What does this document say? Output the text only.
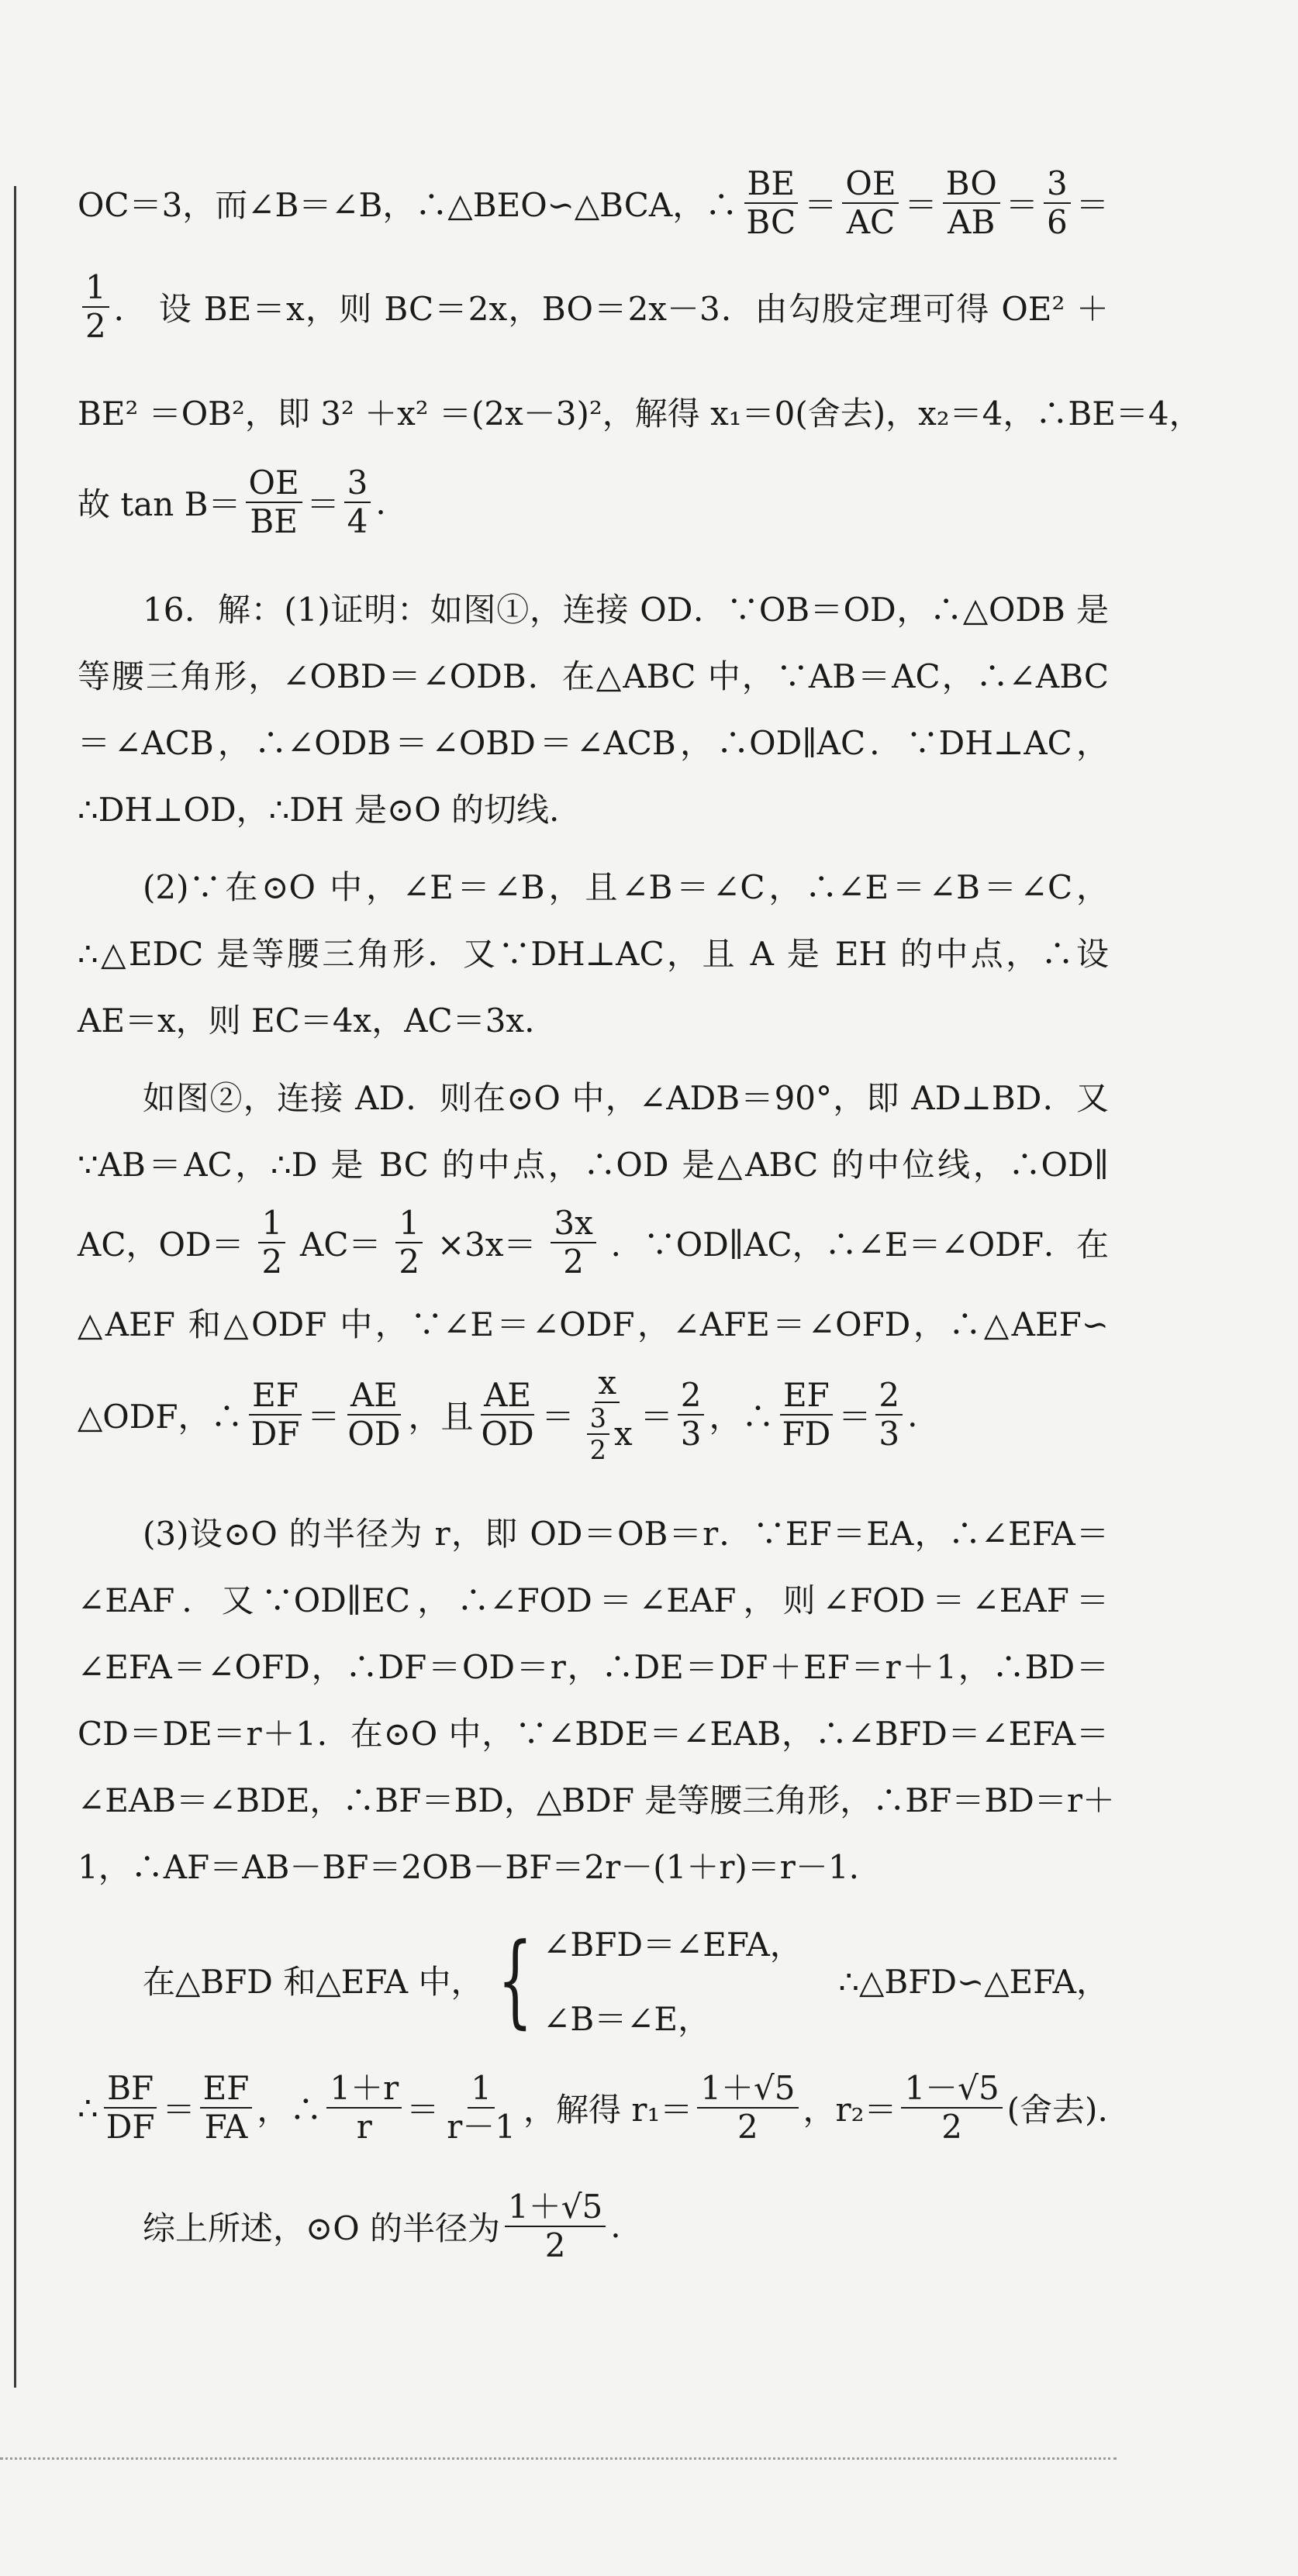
OC＝3，而∠B＝∠B，∴△BEO∽△BCA，∴ $\frac{BE}{BC} = \frac{OE}{AC} = \frac{BO}{AB} = \frac{3}{6}$ ＝
$\frac{1}{2}$ ． 设 BE＝x，则 BC＝2x，BO＝2x－3．由勾股定理可得 OE² ＋
BE² ＝OB²，即 3² ＋x² ＝(2x－3)²，解得 x₁＝0(舍去)，x₂＝4，∴BE＝4，
故 $\tan B= \frac{OE}{BE} = \frac{3}{4}$ .
16．解：(1)证明：如图①，连接 OD．∵OB＝OD，∴△ODB 是
等腰三角形，∠OBD＝∠ODB．在△ABC 中，∵AB＝AC，∴∠ABC
＝∠ACB，∴∠ODB＝∠OBD＝∠ACB，∴OD∥AC．∵DH⊥AC，
∴DH⊥OD，∴DH 是⊙O 的切线.
(2)∵在⊙O 中，∠E＝∠B，且∠B＝∠C，∴∠E＝∠B＝∠C，
∴△EDC 是等腰三角形．又∵DH⊥AC，且 A 是 EH 的中点，∴设
AE＝x，则 EC＝4x，AC＝3x.
如图②，连接 AD．则在⊙O 中，∠ADB＝90°，即 AD⊥BD．又
∵AB＝AC，∴D 是 BC 的中点，∴OD 是△ABC 的中位线，∴OD∥
AC，$OD= \frac{1}{2} AC= \frac{1}{2} \times 3x= \frac{3x}{2}$ ．∵OD∥AC，∴∠E＝∠ODF．在
△AEF 和△ODF 中，∵∠E＝∠ODF，∠AFE＝∠OFD，∴△AEF∽
△ODF，∴ $\frac{EF}{DF} = \frac{AE}{OD}$ ，且 $\frac{AE}{OD} = \frac{x}{\frac{3}{2} x} = \frac{2}{3}$ ，∴ $\frac{EF}{FD} = \frac{2}{3}$ .
(3)设⊙O 的半径为 r，即 OD＝OB＝r．∵EF＝EA，∴∠EFA＝
∠EAF．又∵OD∥EC，∴∠FOD＝∠EAF，则∠FOD＝∠EAF＝
∠EFA＝∠OFD，∴DF＝OD＝r，∴DE＝DF＋EF＝r＋1，∴BD＝
CD＝DE＝r＋1．在⊙O 中，∵∠BDE＝∠EAB，∴∠BFD＝∠EFA＝
∠EAB＝∠BDE，∴BF＝BD，△BDF 是等腰三角形，∴BF＝BD＝r＋
1，∴AF＝AB－BF＝2OB－BF＝2r－(1＋r)＝r－1.
在△BFD 和△EFA 中， { ∠BFD＝∠EFA，
∠B＝∠E，
∴△BFD∽△EFA，
∴ $\frac{BF}{DF} = \frac{EF}{FA}$ ，∴ $\frac{1+r}{r} = \frac{1}{r-1}$ ，解得 $r_1= \frac{1+√5}{2}$ ，$r_2= \frac{1-√5}{2}$ (舍去).
综上所述，⊙O 的半径为 $\frac{1+√5}{2}$ .
